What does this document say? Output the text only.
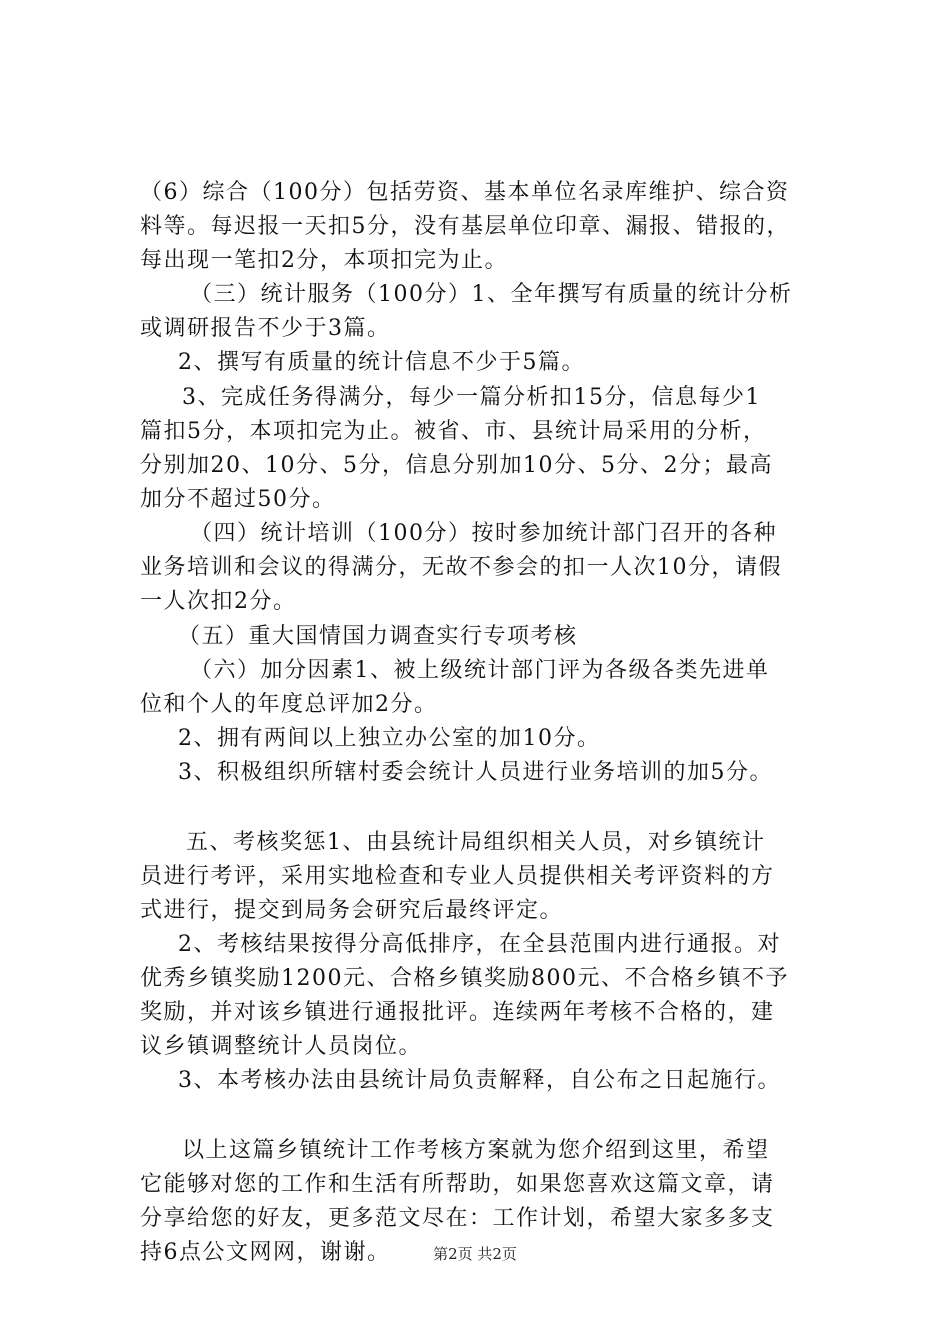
（6）综合（100分）包括劳资、基本单位名录库维护、综合资
料等。每迟报一天扣5分，没有基层单位印章、漏报、错报的，
每出现一笔扣2分，本项扣完为止。
（三）统计服务（100分）1、全年撰写有质量的统计分析
或调研报告不少于3篇。
2、撰写有质量的统计信息不少于5篇。
3、完成任务得满分，每少一篇分析扣15分，信息每少1
篇扣5分，本项扣完为止。被省、市、县统计局采用的分析，
分别加20、10分、5分，信息分别加10分、5分、2分；最高
加分不超过50分。
（四）统计培训（100分）按时参加统计部门召开的各种
业务培训和会议的得满分，无故不参会的扣一人次10分，请假
一人次扣2分。
（五）重大国情国力调查实行专项考核
（六）加分因素1、被上级统计部门评为各级各类先进单
位和个人的年度总评加2分。
2、拥有两间以上独立办公室的加10分。
3、积极组织所辖村委会统计人员进行业务培训的加5分。
五、考核奖惩1、由县统计局组织相关人员，对乡镇统计
员进行考评，采用实地检查和专业人员提供相关考评资料的方
式进行，提交到局务会研究后最终评定。
2、考核结果按得分高低排序，在全县范围内进行通报。对
优秀乡镇奖励1200元、合格乡镇奖励800元、不合格乡镇不予
奖励，并对该乡镇进行通报批评。连续两年考核不合格的，建
议乡镇调整统计人员岗位。
3、本考核办法由县统计局负责解释，自公布之日起施行。
以上这篇乡镇统计工作考核方案就为您介绍到这里，希望
它能够对您的工作和生活有所帮助，如果您喜欢这篇文章，请
分享给您的好友，更多范文尽在：工作计划，希望大家多多支
持6点公文网网，谢谢。	第2页 共2页
